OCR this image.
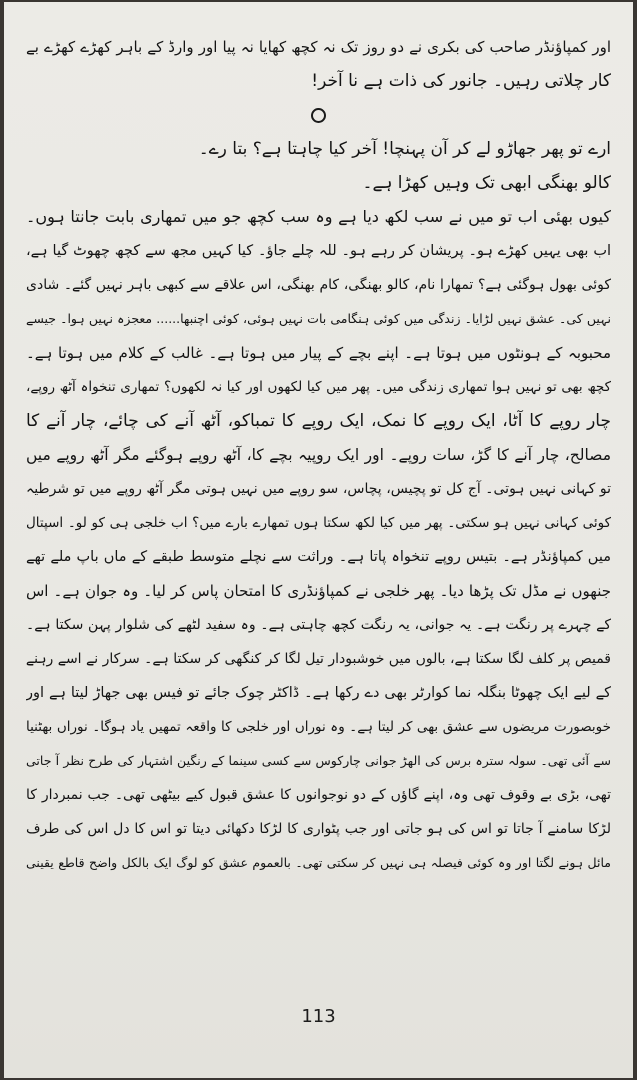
اور کمپاؤنڈر صاحب کی بکری نے دو روز تک نہ کچھ کھایا نہ پیا اور وارڈ کے باہر کھڑے کھڑے بے
کار چلاتی رہیں۔ جانور کی ذات ہے نا آخر!
ارے تو پھر جھاڑو لے کر آن پہنچا! آخر کیا چاہتا ہے؟ بتا رے۔
کالو بھنگی ابھی تک وہیں کھڑا ہے۔
کیوں بھئی اب تو میں نے سب لکھ دیا ہے وہ سب کچھ جو میں تمھاری بابت جانتا ہوں۔
اب بھی یہیں کھڑے ہو۔ پریشان کر رہے ہو۔ للہ چلے جاؤ۔ کیا کہیں مجھ سے کچھ چھوٹ گیا ہے،
کوئی بھول ہوگئی ہے؟ تمھارا نام، کالو بھنگی، کام بھنگی، اس علاقے سے کبھی باہر نہیں گئے۔ شادی
نہیں کی۔ عشق نہیں لڑایا۔ زندگی میں کوئی ہنگامی بات نہیں ہوئی، کوئی اچنبھا...... معجزہ نہیں ہوا۔ جیسے
محبوبہ کے ہونٹوں میں ہوتا ہے۔ اپنے بچے کے پیار میں ہوتا ہے۔ غالب کے کلام میں ہوتا ہے۔
کچھ بھی تو نہیں ہوا تمھاری زندگی میں۔ پھر میں کیا لکھوں اور کیا نہ لکھوں؟ تمھاری تنخواہ آٹھ روپے،
چار روپے کا آٹا، ایک روپے کا نمک، ایک روپے کا تمباکو، آٹھ آنے کی چائے، چار آنے کا
مصالح، چار آنے کا گڑ، سات روپے۔ اور ایک روپیہ بچے کا، آٹھ روپے ہوگئے مگر آٹھ روپے میں
تو کہانی نہیں ہوتی۔ آج کل تو پچیس، پچاس، سو روپے میں نہیں ہوتی مگر آٹھ روپے میں تو شرطیہ
کوئی کہانی نہیں ہو سکتی۔ پھر میں کیا لکھ سکتا ہوں تمھارے بارے میں؟ اب خلجی ہی کو لو۔ اسپتال
میں کمپاؤنڈر ہے۔ بتیس روپے تنخواہ پاتا ہے۔ وراثت سے نچلے متوسط طبقے کے ماں باپ ملے تھے
جنھوں نے مڈل تک پڑھا دیا۔ پھر خلجی نے کمپاؤنڈری کا امتحان پاس کر لیا۔ وہ جوان ہے۔ اس
کے چہرے پر رنگت ہے۔ یہ جوانی، یہ رنگت کچھ چاہتی ہے۔ وہ سفید لٹھے کی شلوار پہن سکتا ہے۔
قمیص پر کلف لگا سکتا ہے، بالوں میں خوشبودار تیل لگا کر کنگھی کر سکتا ہے۔ سرکار نے اسے رہنے
کے لیے ایک چھوٹا بنگلہ نما کوارٹر بھی دے رکھا ہے۔ ڈاکٹر چوک جائے تو فیس بھی جھاڑ لیتا ہے اور
خوبصورت مریضوں سے عشق بھی کر لیتا ہے۔ وہ نوراں اور خلجی کا واقعہ تمھیں یاد ہوگا۔ نوراں بھٹنیا
سے آئی تھی۔ سولہ سترہ برس کی الھڑ جوانی چارکوس سے کسی سینما کے رنگین اشتہار کی طرح نظر آ جاتی
تھی، بڑی بے وقوف تھی وہ، اپنے گاؤں کے دو نوجوانوں کا عشق قبول کیے بیٹھی تھی۔ جب نمبردار کا
لڑکا سامنے آ جاتا تو اس کی ہو جاتی اور جب پٹواری کا لڑکا دکھائی دیتا تو اس کا دل اس کی طرف
مائل ہونے لگتا اور وہ کوئی فیصلہ ہی نہیں کر سکتی تھی۔ بالعموم عشق کو لوگ ایک بالکل واضح قاطع یقینی
113
